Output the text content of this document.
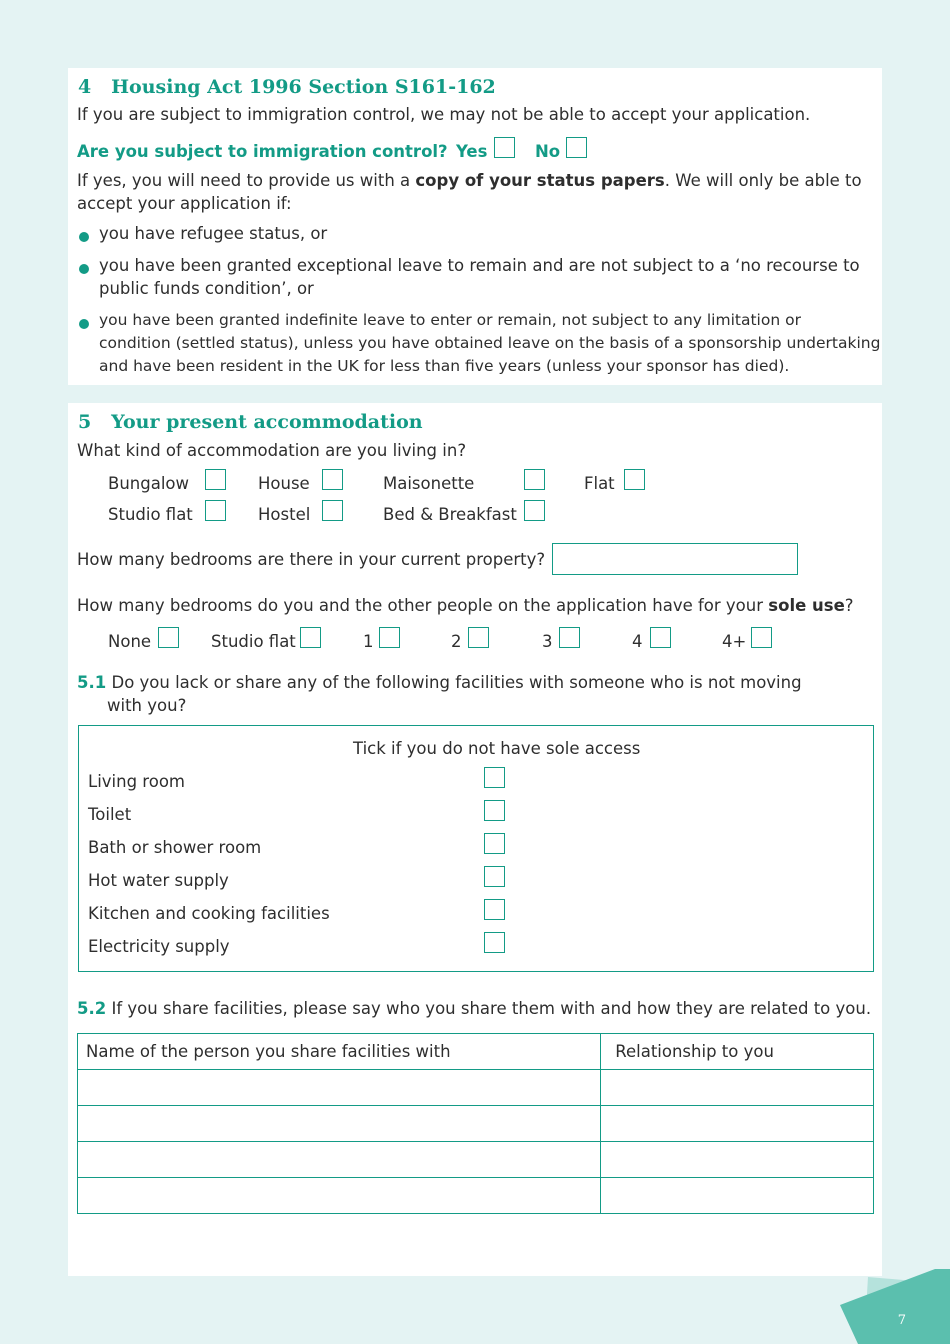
4 Housing Act 1996 Section S161-162
If you are subject to immigration control, we may not be able to accept your application.
Are you subject to immigration control? Yes	No
If yes, you will need to provide us with a copy of your status papers. We will only be able to
accept your application if:
you have refugee status, or
you have been granted exceptional leave to remain and are not subject to a ‘no recourse to
public funds condition’, or
you have been granted indefinite leave to enter or remain, not subject to any limitation or
condition (settled status), unless you have obtained leave on the basis of a sponsorship undertaking
and have been resident in the UK for less than five years (unless your sponsor has died).
5 Your present accommodation
What kind of accommodation are you living in?
Bungalow	House	Maisonette	Flat
Studio flat	Hostel	Bed & Breakfast
How many bedrooms are there in your current property?
How many bedrooms do you and the other people on the application have for your sole use?
None	Studio flat	1	2	3	4	4+
5.1 Do you lack or share any of the following facilities with someone who is not moving
with you?
Tick if you do not have sole access
Living room
Toilet
Bath or shower room
Hot water supply
Kitchen and cooking facilities
Electricity supply
5.2 If you share facilities, please say who you share them with and how they are related to you.
Name of the person you share facilities with	Relationship to you

7
